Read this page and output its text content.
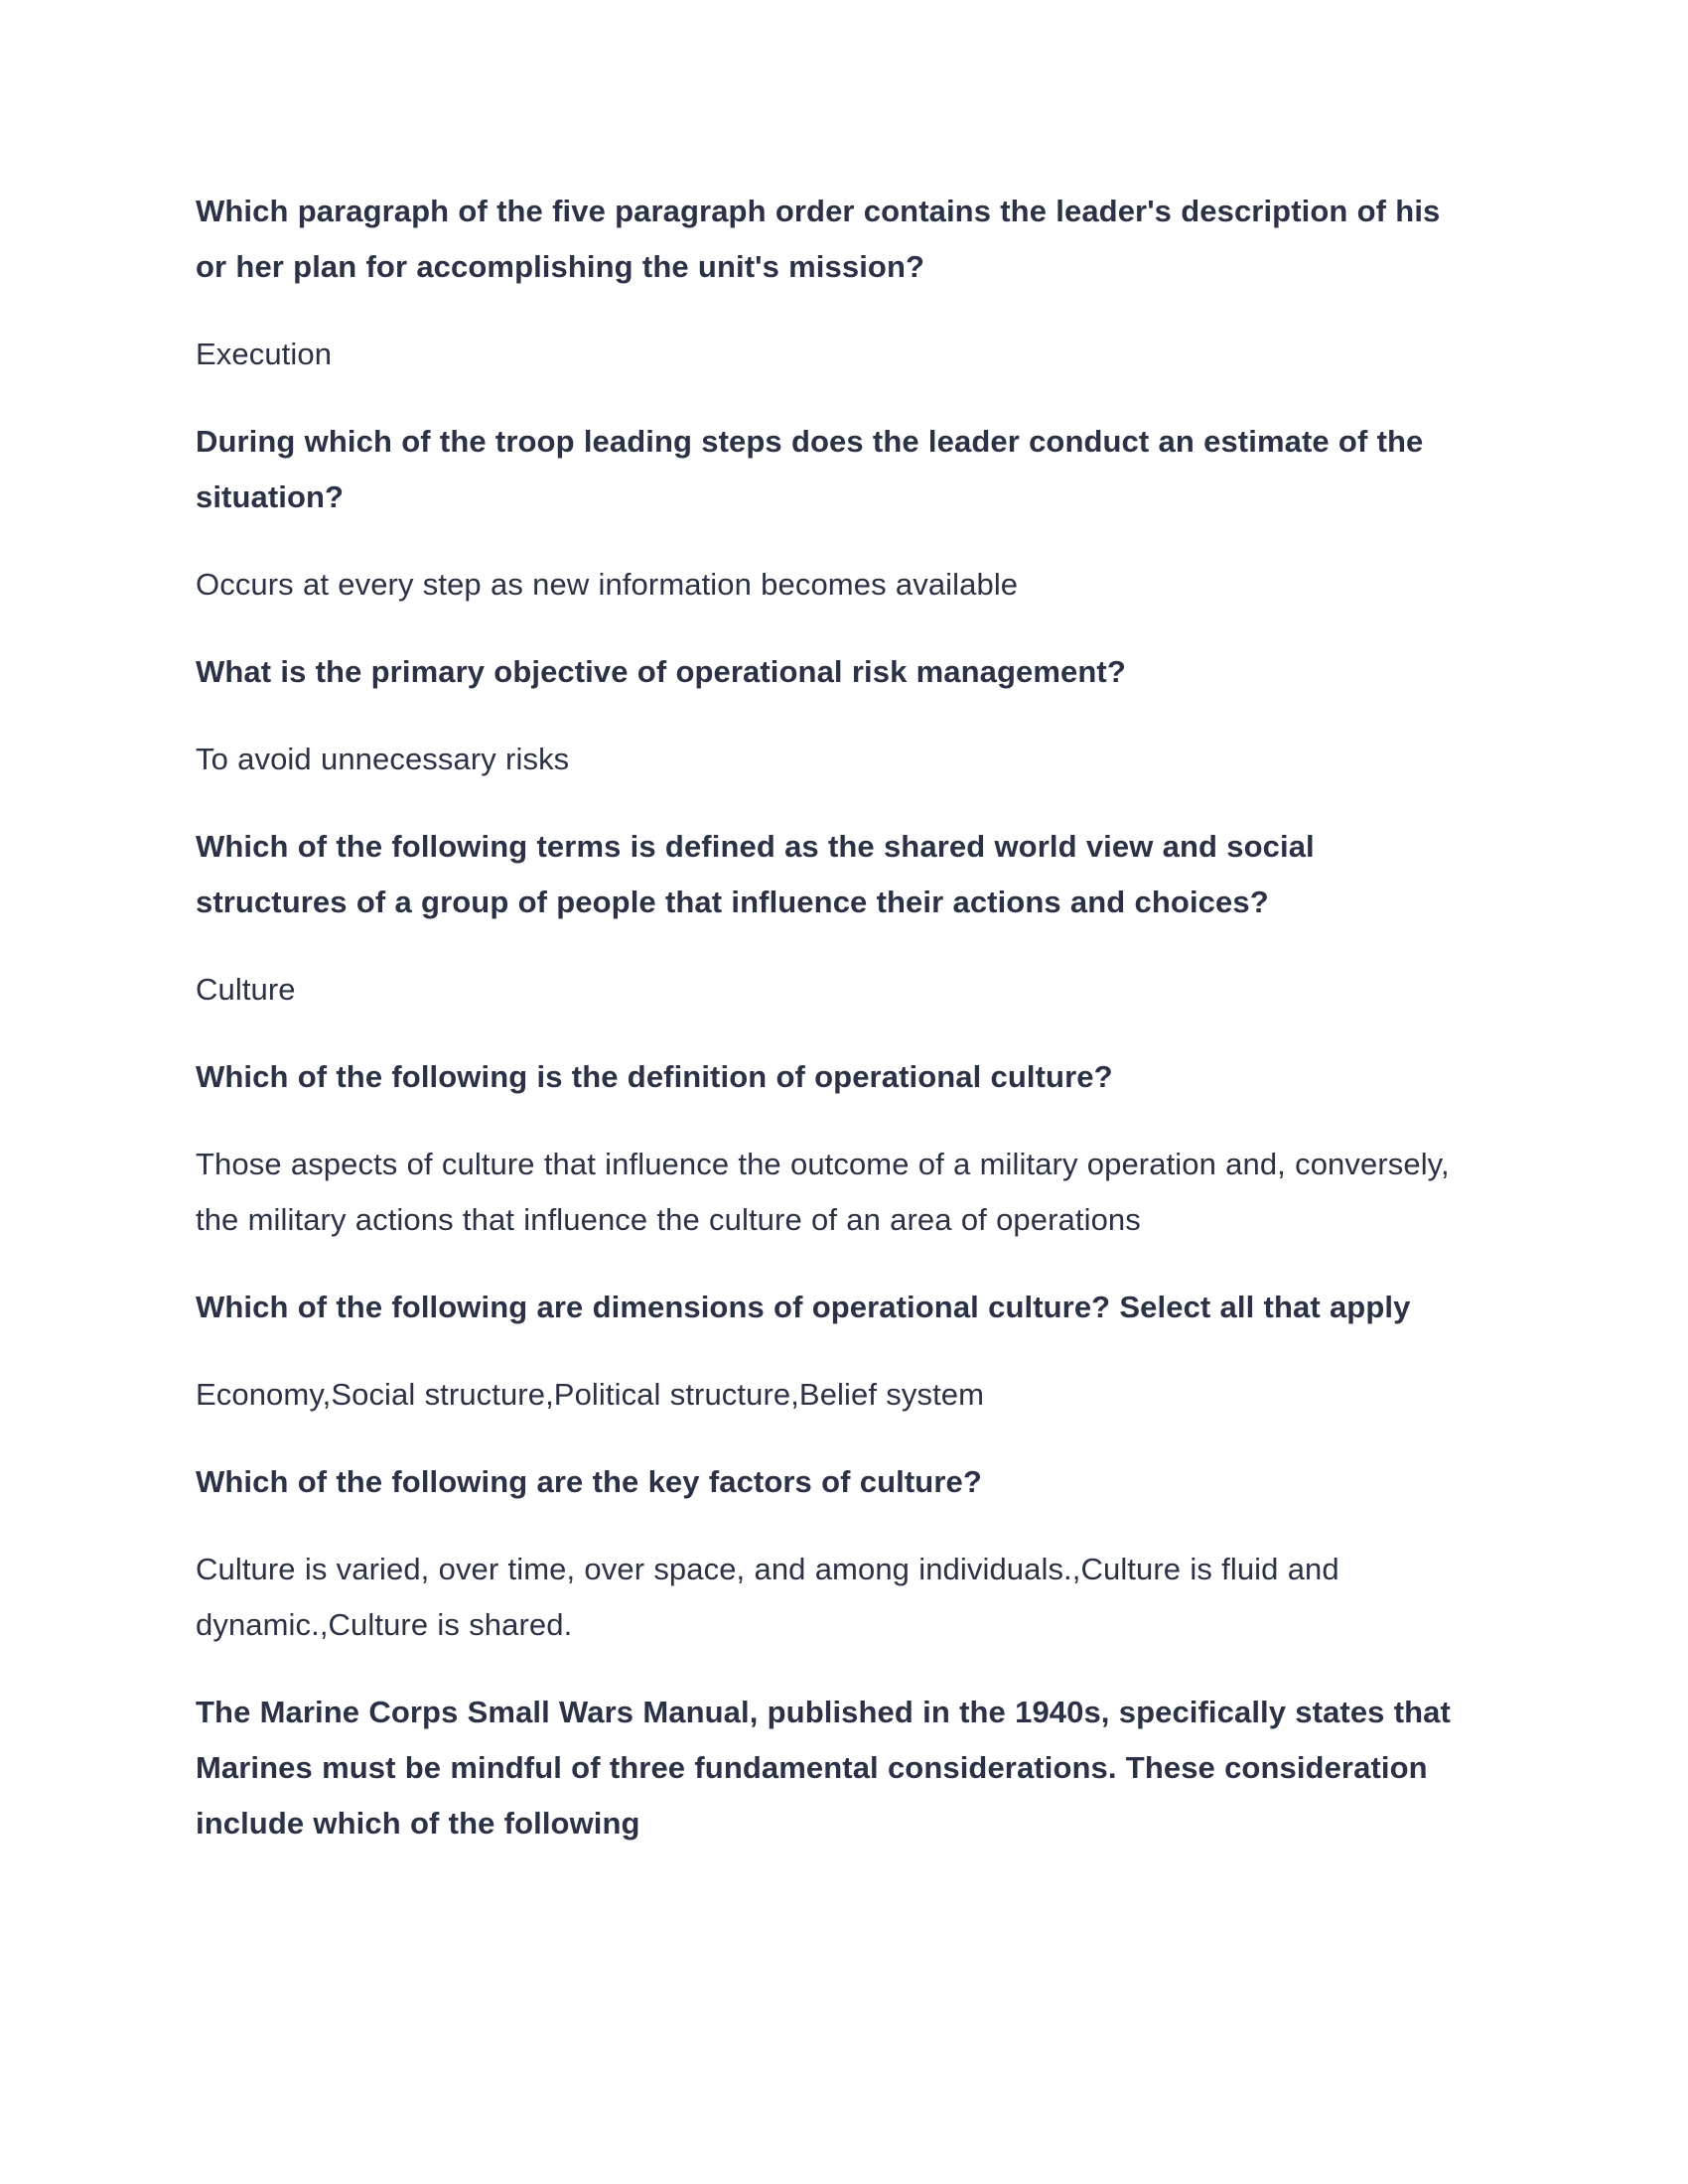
Which paragraph of the five paragraph order contains the leader's description of his or her plan for accomplishing the unit's mission?

Execution

During which of the troop leading steps does the leader conduct an estimate of the situation?

Occurs at every step as new information becomes available

What is the primary objective of operational risk management?

To avoid unnecessary risks

Which of the following terms is defined as the shared world view and social structures of a group of people that influence their actions and choices?

Culture

Which of the following is the definition of operational culture?

Those aspects of culture that influence the outcome of a military operation and, conversely, the military actions that influence the culture of an area of operations

Which of the following are dimensions of operational culture? Select all that apply

Economy,Social structure,Political structure,Belief system

Which of the following are the key factors of culture?

Culture is varied, over time, over space, and among individuals.,Culture is fluid and dynamic.,Culture is shared.

The Marine Corps Small Wars Manual, published in the 1940s, specifically states that Marines must be mindful of three fundamental considerations. These consideration include which of the following
